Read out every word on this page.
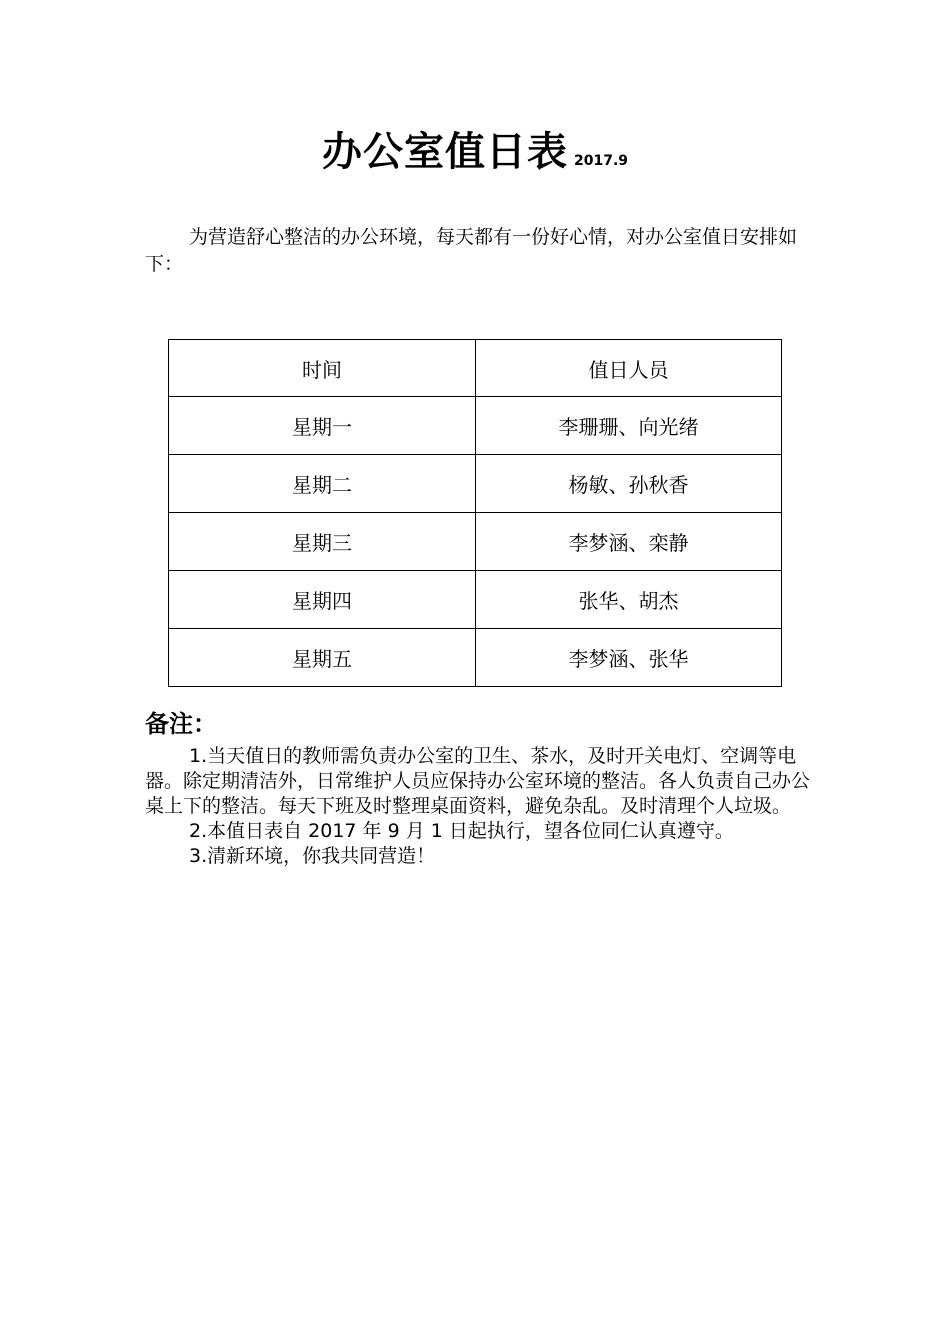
办公室值日表 2017.9
为营造舒心整洁的办公环境，每天都有一份好心情，对办公室值日安排如下：
时间	值日人员
星期一	李珊珊、向光绪
星期二	杨敏、孙秋香
星期三	李梦涵、栾静
星期四	张华、胡杰
星期五	李梦涵、张华
备注：

1.当天值日的教师需负责办公室的卫生、茶水，及时开关电灯、空调等电器。除定期清洁外，日常维护人员应保持办公室环境的整洁。各人负责自己办公桌上下的整洁。每天下班及时整理桌面资料，避免杂乱。及时清理个人垃圾。

2.本值日表自 2017 年 9 月 1 日起执行，望各位同仁认真遵守。

3.清新环境，你我共同营造！
